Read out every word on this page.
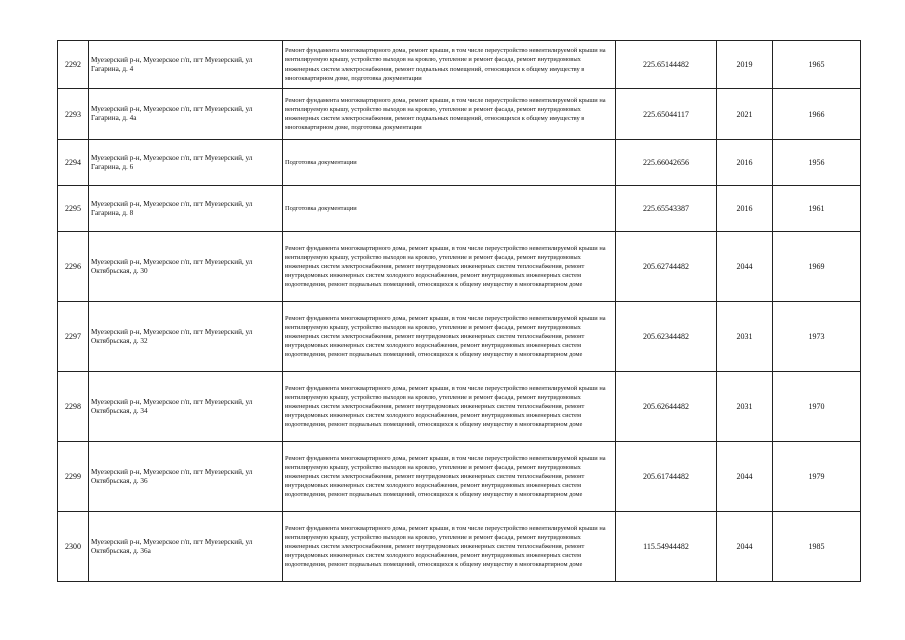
2292	Муезерский р-н, Муезерское г/п, пгт Муезерский, ул Гагарина, д. 4	Ремонт фундамента многоквартирного дома, ремонт крыши, в том числе переустройство невентилируемой крыши на вентилируемую крышу, устройство выходов на кровлю, утепление и ремонт фасада, ремонт внутридомовых инженерных систем электроснабжения, ремонт подвальных помещений, относящихся к общему имуществу в многоквартирном доме, подготовка документации	225.65144482	2019	1965
2293	Муезерский р-н, Муезерское г/п, пгт Муезерский, ул Гагарина, д. 4а	Ремонт фундамента многоквартирного дома, ремонт крыши, в том числе переустройство невентилируемой крыши на вентилируемую крышу, устройство выходов на кровлю, утепление и ремонт фасада, ремонт внутридомовых инженерных систем электроснабжения, ремонт подвальных помещений, относящихся к общему имуществу в многоквартирном доме, подготовка документации	225.65044117	2021	1966
2294	Муезерский р-н, Муезерское г/п, пгт Муезерский, ул Гагарина, д. 6	Подготовка документации	225.66042656	2016	1956
2295	Муезерский р-н, Муезерское г/п, пгт Муезерский, ул Гагарина, д. 8	Подготовка документации	225.65543387	2016	1961
2296	Муезерский р-н, Муезерское г/п, пгт Муезерский, ул Октябрьская, д. 30	Ремонт фундамента многоквартирного дома, ремонт крыши, в том числе переустройство невентилируемой крыши на вентилируемую крышу, устройство выходов на кровлю, утепление и ремонт фасада, ремонт внутридомовых инженерных систем электроснабжения, ремонт внутридомовых инженерных систем теплоснабжения, ремонт внутридомовых инженерных систем холодного водоснабжения, ремонт внутридомовых инженерных систем водоотведения, ремонт подвальных помещений, относящихся к общему имуществу в многоквартирном доме	205.62744482	2044	1969
2297	Муезерский р-н, Муезерское г/п, пгт Муезерский, ул Октябрьская, д. 32	Ремонт фундамента многоквартирного дома, ремонт крыши, в том числе переустройство невентилируемой крыши на вентилируемую крышу, устройство выходов на кровлю, утепление и ремонт фасада, ремонт внутридомовых инженерных систем электроснабжения, ремонт внутридомовых инженерных систем теплоснабжения, ремонт внутридомовых инженерных систем холодного водоснабжения, ремонт внутридомовых инженерных систем водоотведения, ремонт подвальных помещений, относящихся к общему имуществу в многоквартирном доме	205.62344482	2031	1973
2298	Муезерский р-н, Муезерское г/п, пгт Муезерский, ул Октябрьская, д. 34	Ремонт фундамента многоквартирного дома, ремонт крыши, в том числе переустройство невентилируемой крыши на вентилируемую крышу, устройство выходов на кровлю, утепление и ремонт фасада, ремонт внутридомовых инженерных систем электроснабжения, ремонт внутридомовых инженерных систем теплоснабжения, ремонт внутридомовых инженерных систем холодного водоснабжения, ремонт внутридомовых инженерных систем водоотведения, ремонт подвальных помещений, относящихся к общему имуществу в многоквартирном доме	205.62644482	2031	1970
2299	Муезерский р-н, Муезерское г/п, пгт Муезерский, ул Октябрьская, д. 36	Ремонт фундамента многоквартирного дома, ремонт крыши, в том числе переустройство невентилируемой крыши на вентилируемую крышу, устройство выходов на кровлю, утепление и ремонт фасада, ремонт внутридомовых инженерных систем электроснабжения, ремонт внутридомовых инженерных систем теплоснабжения, ремонт внутридомовых инженерных систем холодного водоснабжения, ремонт внутридомовых инженерных систем водоотведения, ремонт подвальных помещений, относящихся к общему имуществу в многоквартирном доме	205.61744482	2044	1979
2300	Муезерский р-н, Муезерское г/п, пгт Муезерский, ул Октябрьская, д. 36а	Ремонт фундамента многоквартирного дома, ремонт крыши, в том числе переустройство невентилируемой крыши на вентилируемую крышу, устройство выходов на кровлю, утепление и ремонт фасада, ремонт внутридомовых инженерных систем электроснабжения, ремонт внутридомовых инженерных систем теплоснабжения, ремонт внутридомовых инженерных систем холодного водоснабжения, ремонт внутридомовых инженерных систем водоотведения, ремонт подвальных помещений, относящихся к общему имуществу в многоквартирном доме	115.54944482	2044	1985
